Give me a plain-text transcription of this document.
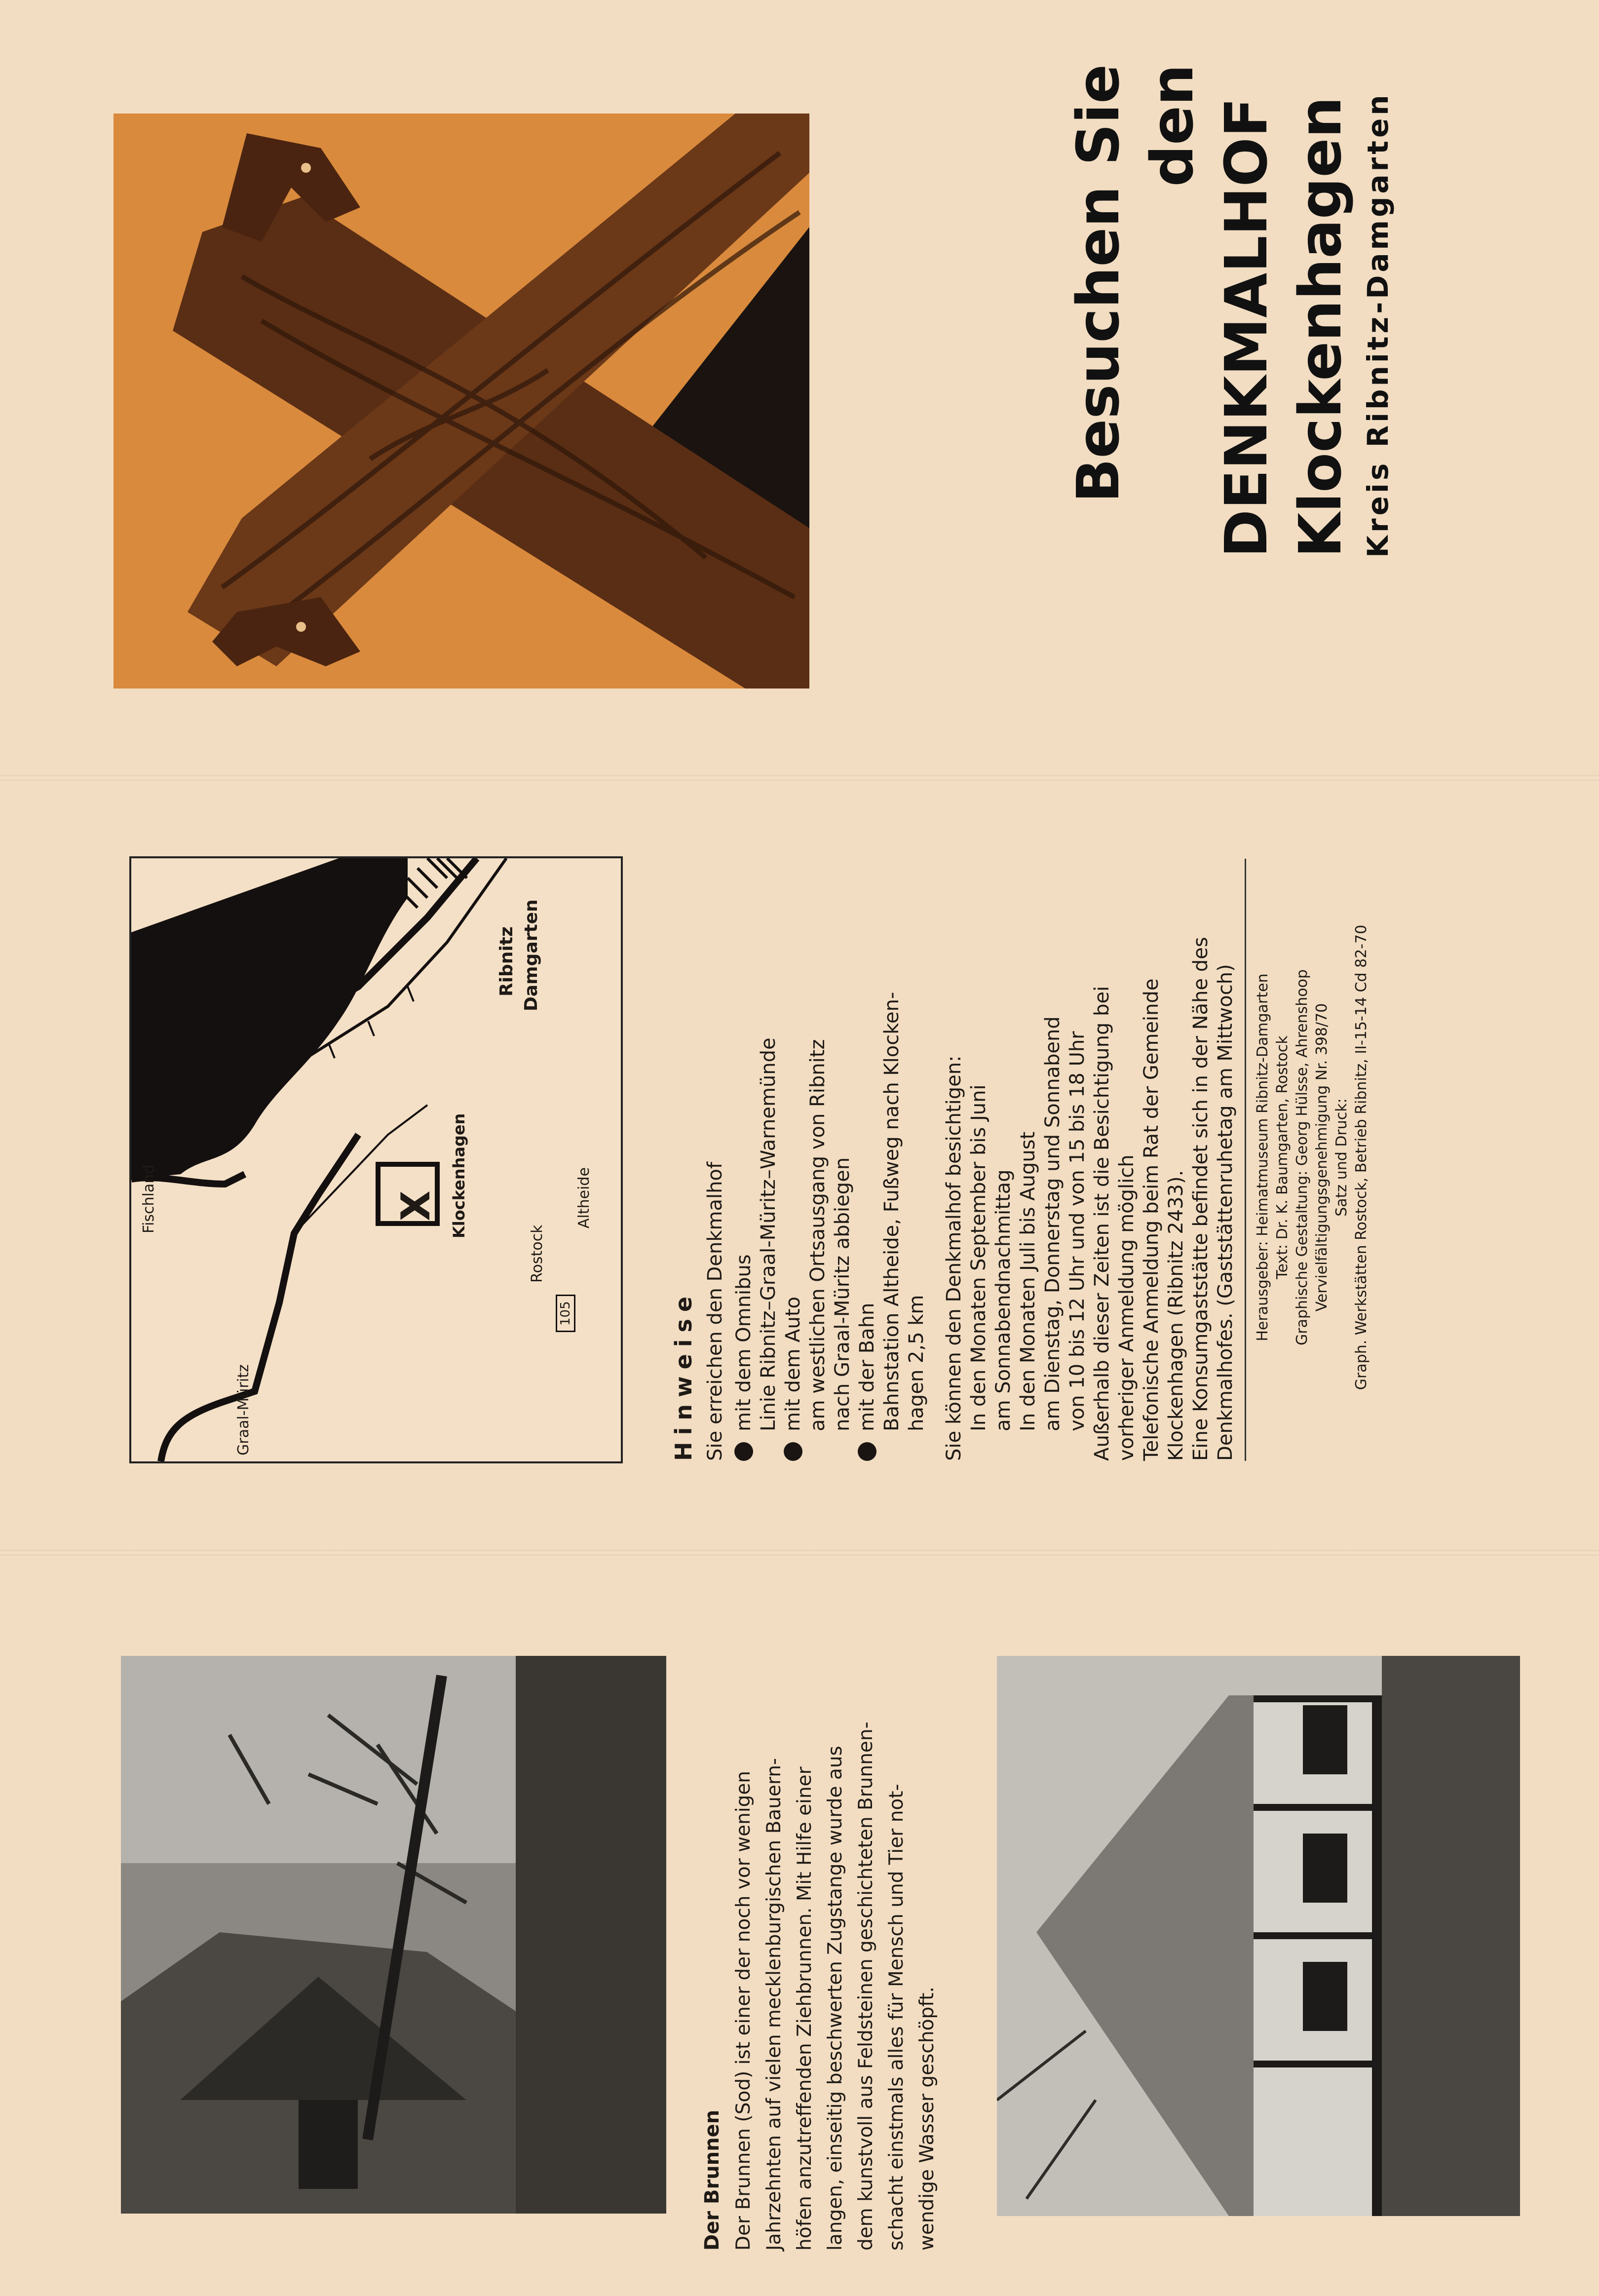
Besuchen Sie den DENKMALHOF Klockenhagen Kreis Ribnitz-Damgarten
X Klockenhagen
Graal-Müritz
Fischland
Rostock
Altheide
105
Ribnitz Damgarten
Hinweise Sie erreichen den Denkmalhof mit dem Omnibus Linie Ribnitz–Graal-Müritz–Warnemünde mit dem Auto am westlichen Ortsausgang von Ribnitz nach Graal-Müritz abbiegen mit der Bahn Bahnstation Altheide, Fußweg nach Klocken- hagen 2,5 km Sie können den Denkmalhof besichtigen: In den Monaten September bis Juni am Sonnabendnachmittag In den Monaten Juli bis August am Dienstag, Donnerstag und Sonnabend von 10 bis 12 Uhr und von 15 bis 18 Uhr Außerhalb dieser Zeiten ist die Besichtigung bei vorheriger Anmeldung möglich Telefonische Anmeldung beim Rat der Gemeinde Klockenhagen (Ribnitz 2433). Eine Konsumgaststätte befindet sich in der Nähe des Denkmalhofes. (Gaststättenruhetag am Mittwoch) Herausgeber: Heimatmuseum Ribnitz-Damgarten Text: Dr. K. Baumgarten, Rostock Graphische Gestaltung: Georg Hülsse, Ahrenshoop Vervielfältigungsgenehmigung Nr. 398/70 Satz und Druck: Graph. Werkstätten Rostock, Betrieb Ribnitz, II-15-14 Cd 82-70
Der Brunnen Der Brunnen (Sod) ist einer der noch vor wenigen Jahrzehnten auf vielen mecklenburgischen Bauern- höfen anzutreffenden Ziehbrunnen. Mit Hilfe einer langen, einseitig beschwerten Zugstange wurde aus dem kunstvoll aus Feldsteinen geschichteten Brunnen- schacht einstmals alles für Mensch und Tier not- wendige Wasser geschöpft.
